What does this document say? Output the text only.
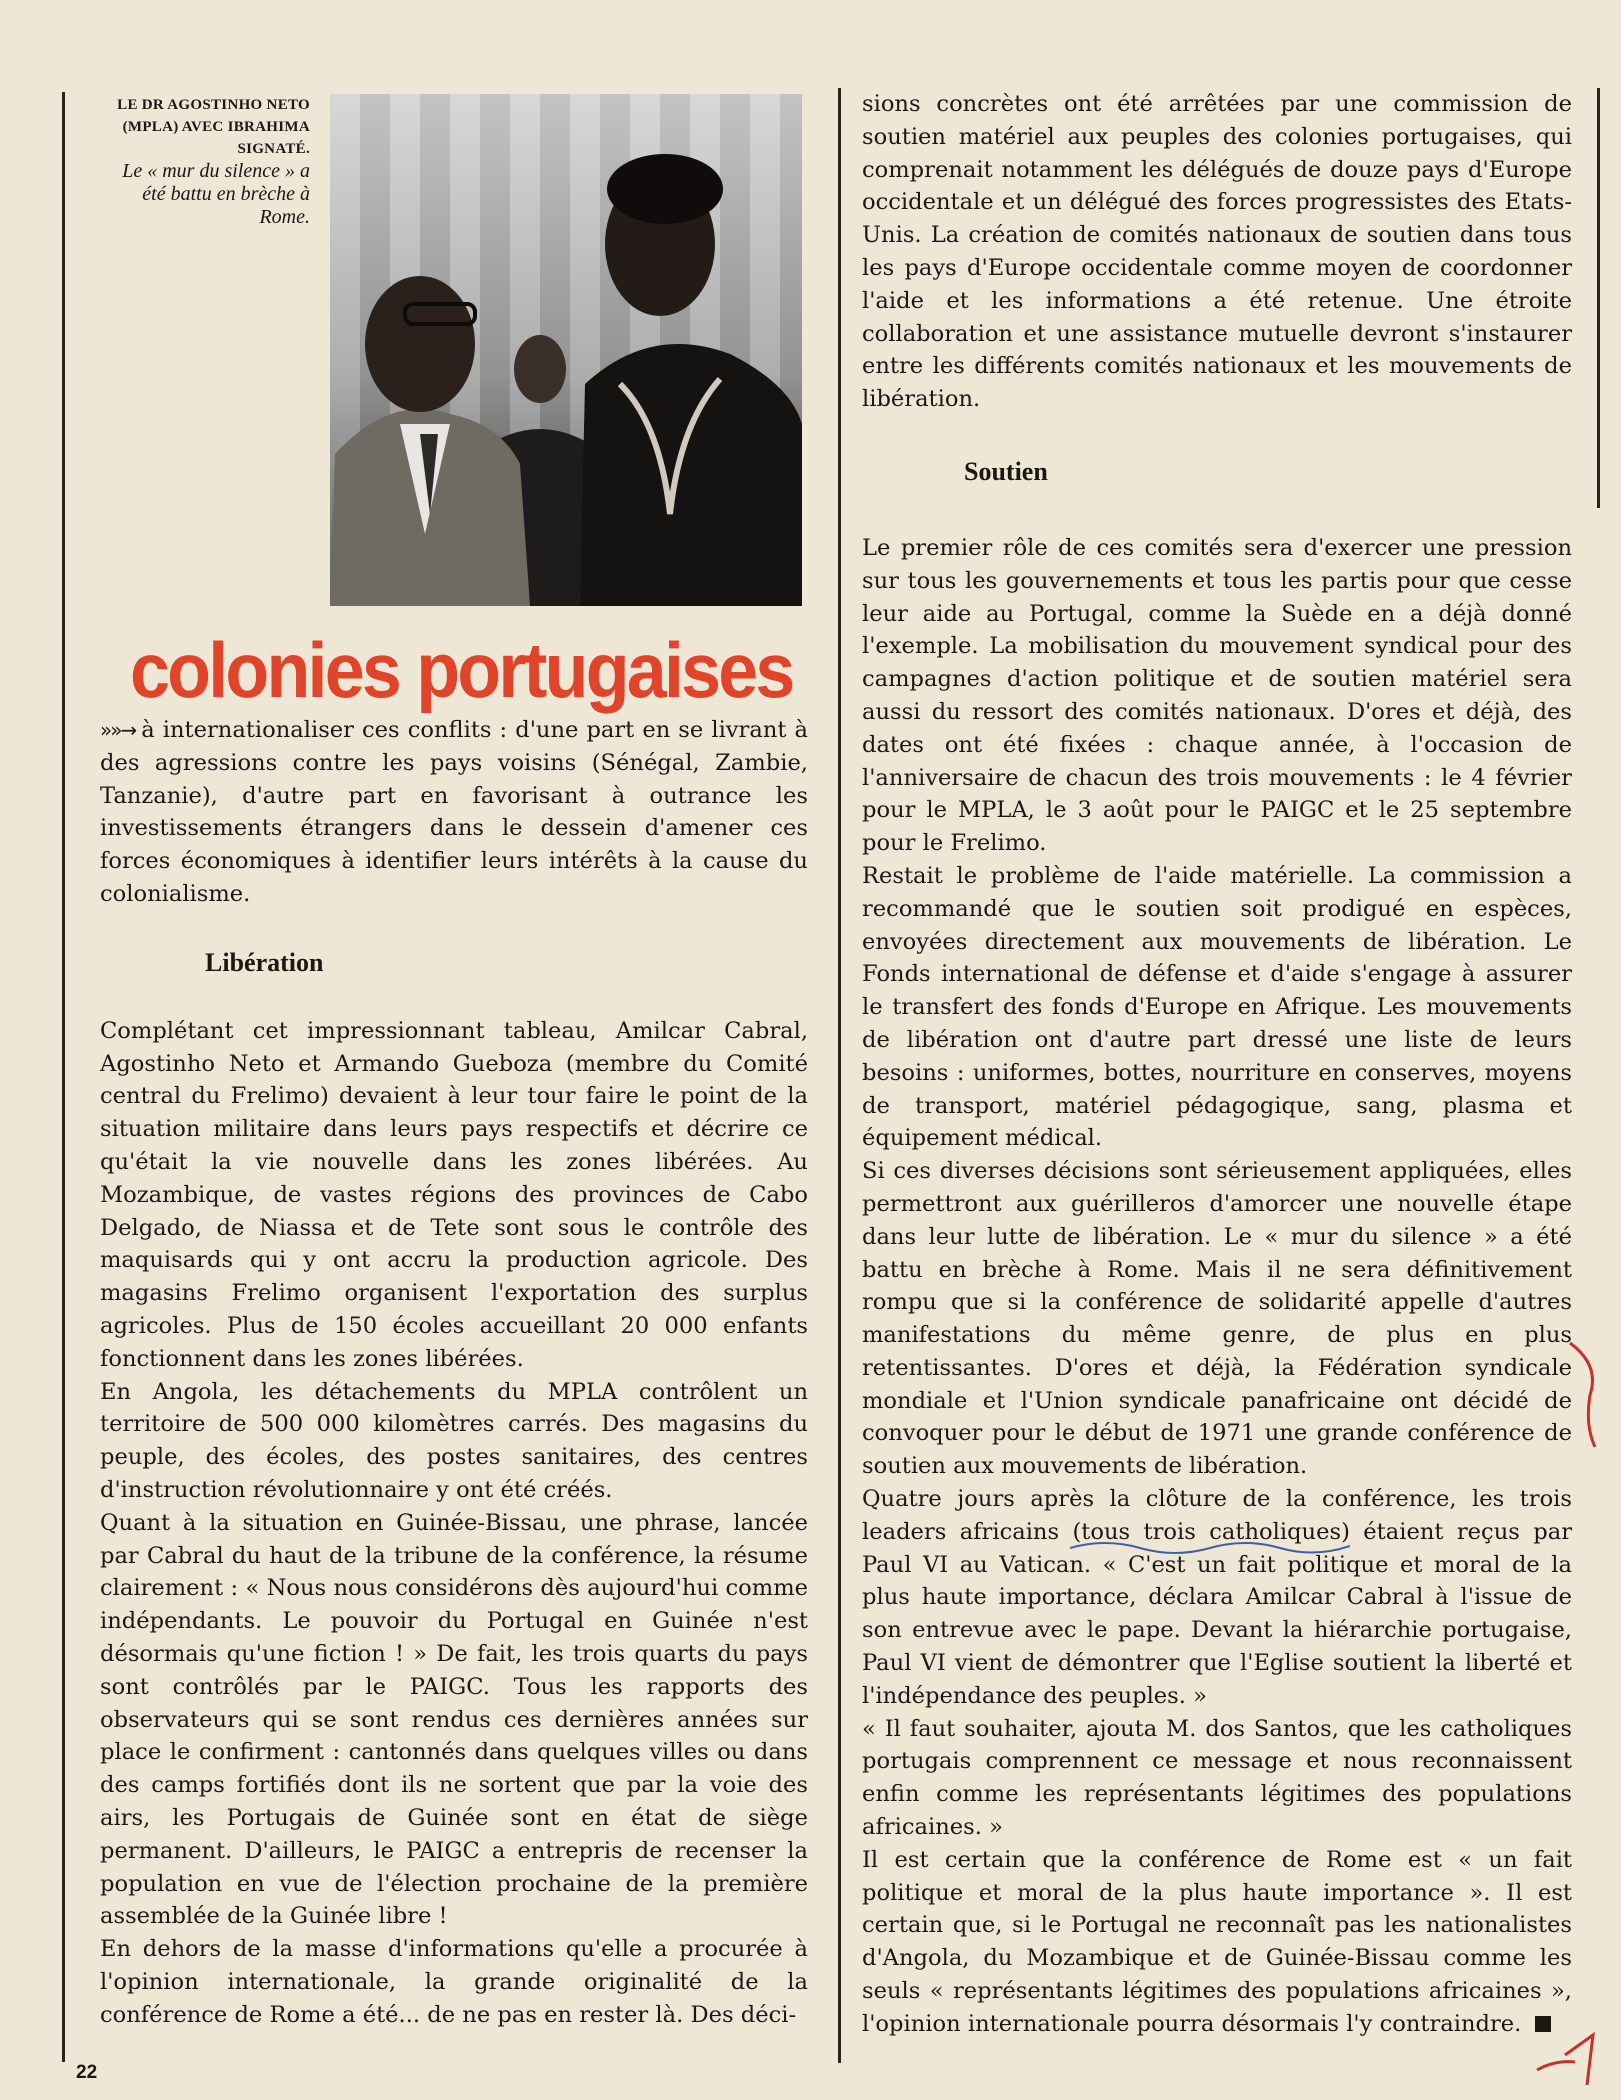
LE DR AGOSTINHO NETO (MPLA) AVEC IBRAHIMA SIGNATÉ.
Le « mur du silence » a été battu en brèche à Rome.
colonies portugaises

»»→ à internationaliser ces conflits : d'une part en se livrant à des agressions contre les pays voisins (Sénégal, Zambie, Tanzanie), d'autre part en favorisant à outrance les investissements étrangers dans le dessein d'amener ces forces économiques à identifier leurs intérêts à la cause du colonialisme.

Libération

Complétant cet impressionnant tableau, Amilcar Cabral, Agostinho Neto et Armando Gueboza (membre du Comité central du Frelimo) devaient à leur tour faire le point de la situation militaire dans leurs pays respectifs et décrire ce qu'était la vie nouvelle dans les zones libérées. Au Mozambique, de vastes régions des provinces de Cabo Delgado, de Niassa et de Tete sont sous le contrôle des maquisards qui y ont accru la production agricole. Des magasins Frelimo organisent l'exportation des surplus agricoles. Plus de 150 écoles accueillant 20 000 enfants fonctionnent dans les zones libérées.

En Angola, les détachements du MPLA contrôlent un territoire de 500 000 kilomètres carrés. Des magasins du peuple, des écoles, des postes sanitaires, des centres d'instruction révolutionnaire y ont été créés.

Quant à la situation en Guinée-Bissau, une phrase, lancée par Cabral du haut de la tribune de la conférence, la résume clairement : « Nous nous considérons dès aujourd'hui comme indépendants. Le pouvoir du Portugal en Guinée n'est désormais qu'une fiction ! » De fait, les trois quarts du pays sont contrôlés par le PAIGC. Tous les rapports des observateurs qui se sont rendus ces dernières années sur place le confirment : cantonnés dans quelques villes ou dans des camps fortifiés dont ils ne sortent que par la voie des airs, les Portugais de Guinée sont en état de siège permanent. D'ailleurs, le PAIGC a entrepris de recenser la population en vue de l'élection prochaine de la première assemblée de la Guinée libre !

En dehors de la masse d'informations qu'elle a procurée à l'opinion internationale, la grande originalité de la conférence de Rome a été... de ne pas en rester là. Des déci-

sions concrètes ont été arrêtées par une commission de soutien matériel aux peuples des colonies portugaises, qui comprenait notamment les délégués de douze pays d'Europe occidentale et un délégué des forces progressistes des Etats-Unis. La création de comités nationaux de soutien dans tous les pays d'Europe occidentale comme moyen de coordonner l'aide et les informations a été retenue. Une étroite collaboration et une assistance mutuelle devront s'instaurer entre les différents comités nationaux et les mouvements de libération.

Soutien

Le premier rôle de ces comités sera d'exercer une pression sur tous les gouvernements et tous les partis pour que cesse leur aide au Portugal, comme la Suède en a déjà donné l'exemple. La mobilisation du mouvement syndical pour des campagnes d'action politique et de soutien matériel sera aussi du ressort des comités nationaux. D'ores et déjà, des dates ont été fixées : chaque année, à l'occasion de l'anniversaire de chacun des trois mouvements : le 4 février pour le MPLA, le 3 août pour le PAIGC et le 25 septembre pour le Frelimo.

Restait le problème de l'aide matérielle. La commission a recommandé que le soutien soit prodigué en espèces, envoyées directement aux mouvements de libération. Le Fonds international de défense et d'aide s'engage à assurer le transfert des fonds d'Europe en Afrique. Les mouvements de libération ont d'autre part dressé une liste de leurs besoins : uniformes, bottes, nourriture en conserves, moyens de transport, matériel pédagogique, sang, plasma et équipement médical.

Si ces diverses décisions sont sérieusement appliquées, elles permettront aux guérilleros d'amorcer une nouvelle étape dans leur lutte de libération. Le « mur du silence » a été battu en brèche à Rome. Mais il ne sera définitivement rompu que si la conférence de solidarité appelle d'autres manifestations du même genre, de plus en plus retentissantes. D'ores et déjà, la Fédération syndicale mondiale et l'Union syndicale panafricaine ont décidé de convoquer pour le début de 1971 une grande conférence de soutien aux mouvements de libération.

Quatre jours après la clôture de la conférence, les trois leaders africains (tous trois catholiques) étaient reçus par Paul VI au Vatican. « C'est un fait politique et moral de la plus haute importance, déclara Amilcar Cabral à l'issue de son entrevue avec le pape. Devant la hiérarchie portugaise, Paul VI vient de démontrer que l'Eglise soutient la liberté et l'indépendance des peuples. »

« Il faut souhaiter, ajouta M. dos Santos, que les catholiques portugais comprennent ce message et nous reconnaissent enfin comme les représentants légitimes des populations africaines. »

Il est certain que la conférence de Rome est « un fait politique et moral de la plus haute importance ». Il est certain que, si le Portugal ne reconnaît pas les nationalistes d'Angola, du Mozambique et de Guinée-Bissau comme les seuls « représentants légitimes des populations africaines », l'opinion internationale pourra désormais l'y contraindre.

22
